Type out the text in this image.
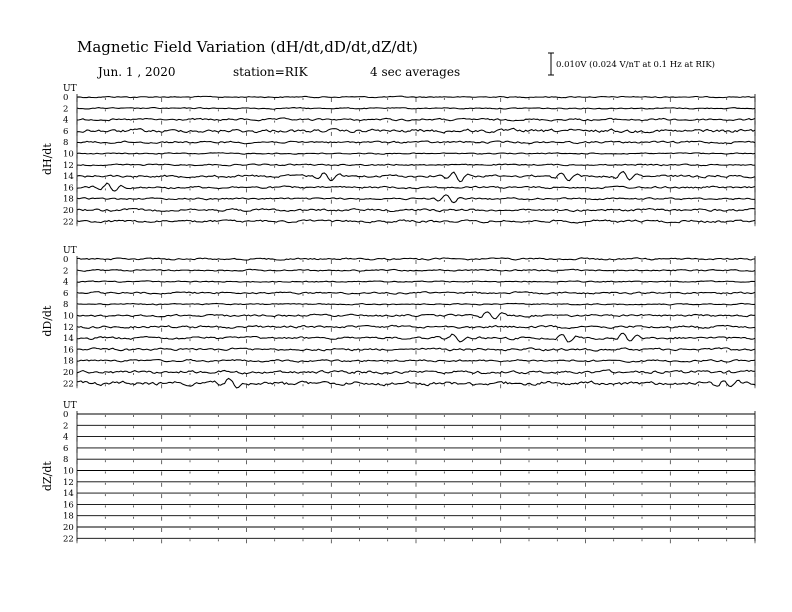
Magnetic Field Variation (dH/dt,dD/dt,dZ/dt)
Jun. 1 , 2020	station=RIK	4 sec averages	0.010V (0.024 V/nT at 0.1 Hz at RIK)
UT
dH/dt
0
2
4
6
8
10
12
14
16
18
20
22
UT
dD/dt
0
2
4
6
8
10
12
14
16
18
20
22
UT
dZ/dt
0
2
4
6
8
10
12
14
16
18
20
22
